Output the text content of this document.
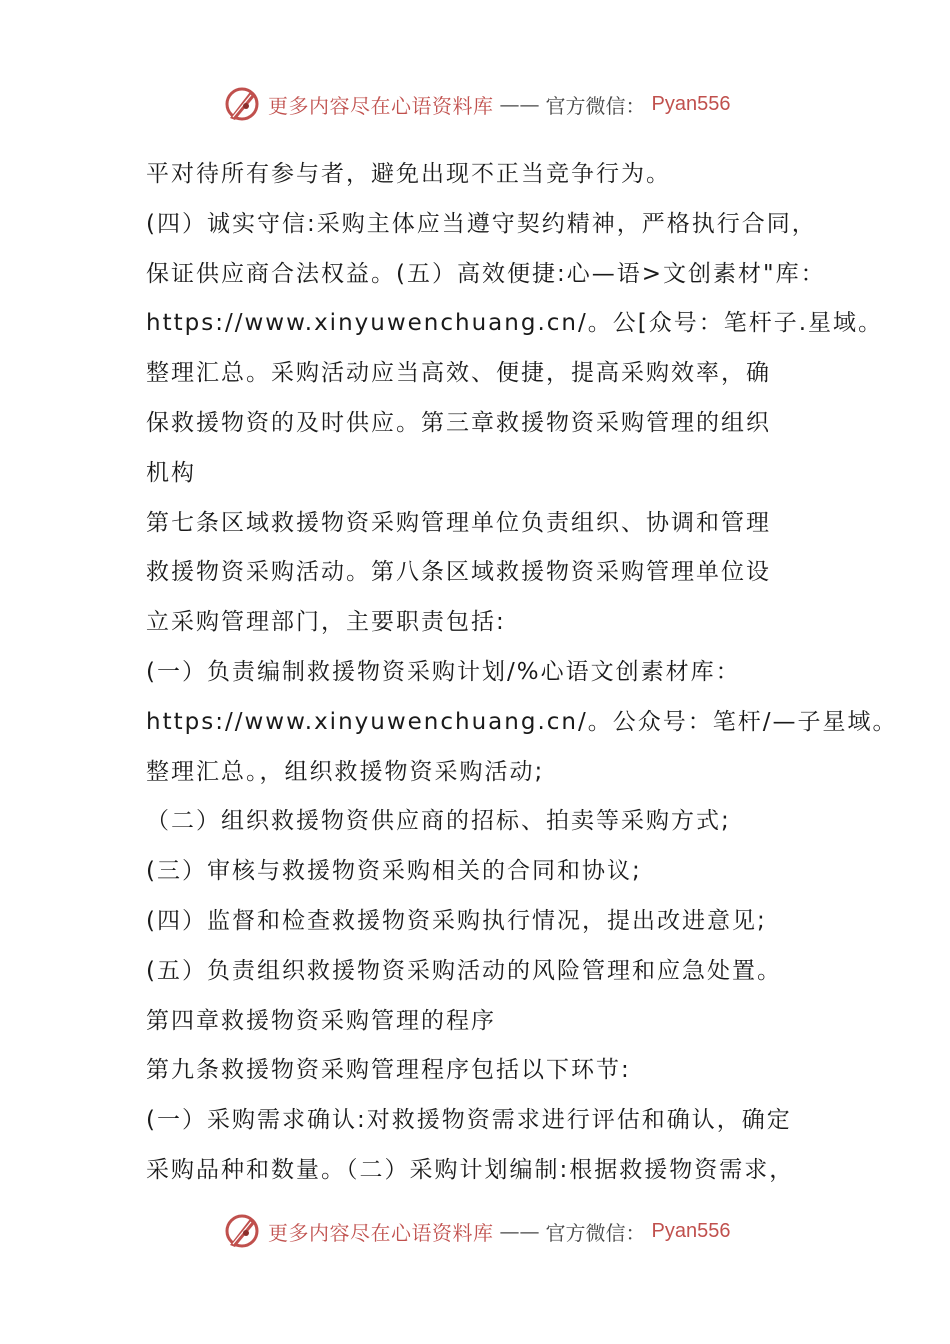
更多内容尽在心语资料库 —— 官方微信： Pyan556
平对待所有参与者，避免出现不正当竞争行为。
(四）诚实守信:采购主体应当遵守契约精神，严格执行合同，
保证供应商合法权益。(五）高效便捷:心—语>文创素材"库：
https://www.xinyuwenchuang.cn/。公[众号：笔杆子.星域。
整理汇总。采购活动应当高效、便捷，提高采购效率，确
保救援物资的及时供应。第三章救援物资采购管理的组织
机构
第七条区域救援物资采购管理单位负责组织、协调和管理
救援物资采购活动。第八条区域救援物资采购管理单位设
立采购管理部门，主要职责包括:
(一）负责编制救援物资采购计划/%心语文创素材库：
https://www.xinyuwenchuang.cn/。公众号：笔杆/—子星域。
整理汇总。，组织救援物资采购活动;
（二）组织救援物资供应商的招标、拍卖等采购方式;
(三）审核与救援物资采购相关的合同和协议;
(四）监督和检查救援物资采购执行情况，提出改进意见;
(五）负责组织救援物资采购活动的风险管理和应急处置。
第四章救援物资采购管理的程序
第九条救援物资采购管理程序包括以下环节:
(一）采购需求确认:对救援物资需求进行评估和确认，确定
采购品种和数量。（二）采购计划编制:根据救援物资需求，
更多内容尽在心语资料库 —— 官方微信： Pyan556
